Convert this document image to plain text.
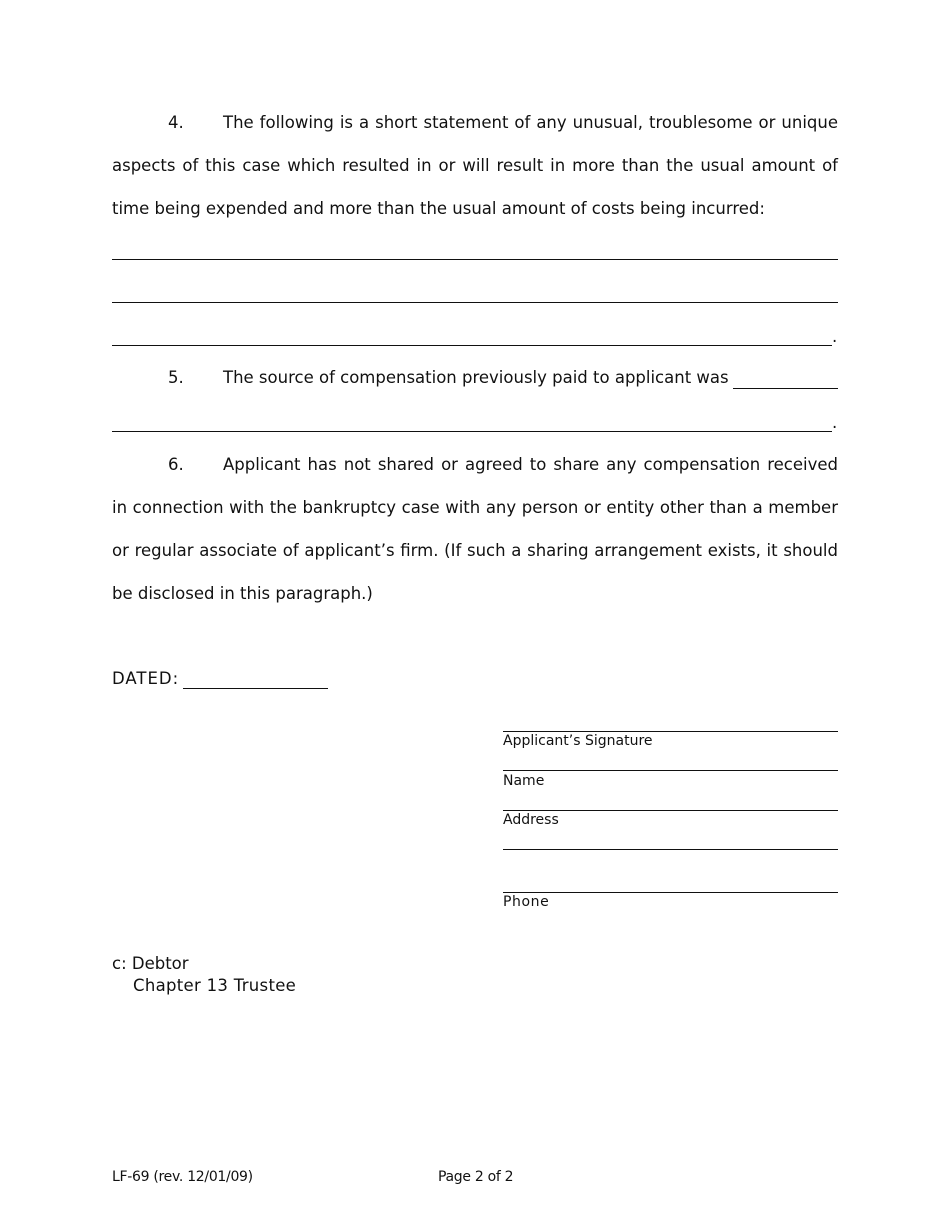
4. The following is a short statement of any unusual, troublesome or unique aspects of this case which resulted in or will result in more than the usual amount of time being expended and more than the usual amount of costs being incurred:
.
5. The source of compensation previously paid to applicant was
.
6. Applicant has not shared or agreed to share any compensation received in connection with the bankruptcy case with any person or entity other than a member or regular associate of applicant’s firm. (If such a sharing arrangement exists, it should be disclosed in this paragraph.)
DATED:
Applicant’s Signature
Name
Address
Phone
c: Debtor
Chapter 13 Trustee
LF-69 (rev. 12/01/09)	Page 2 of 2
